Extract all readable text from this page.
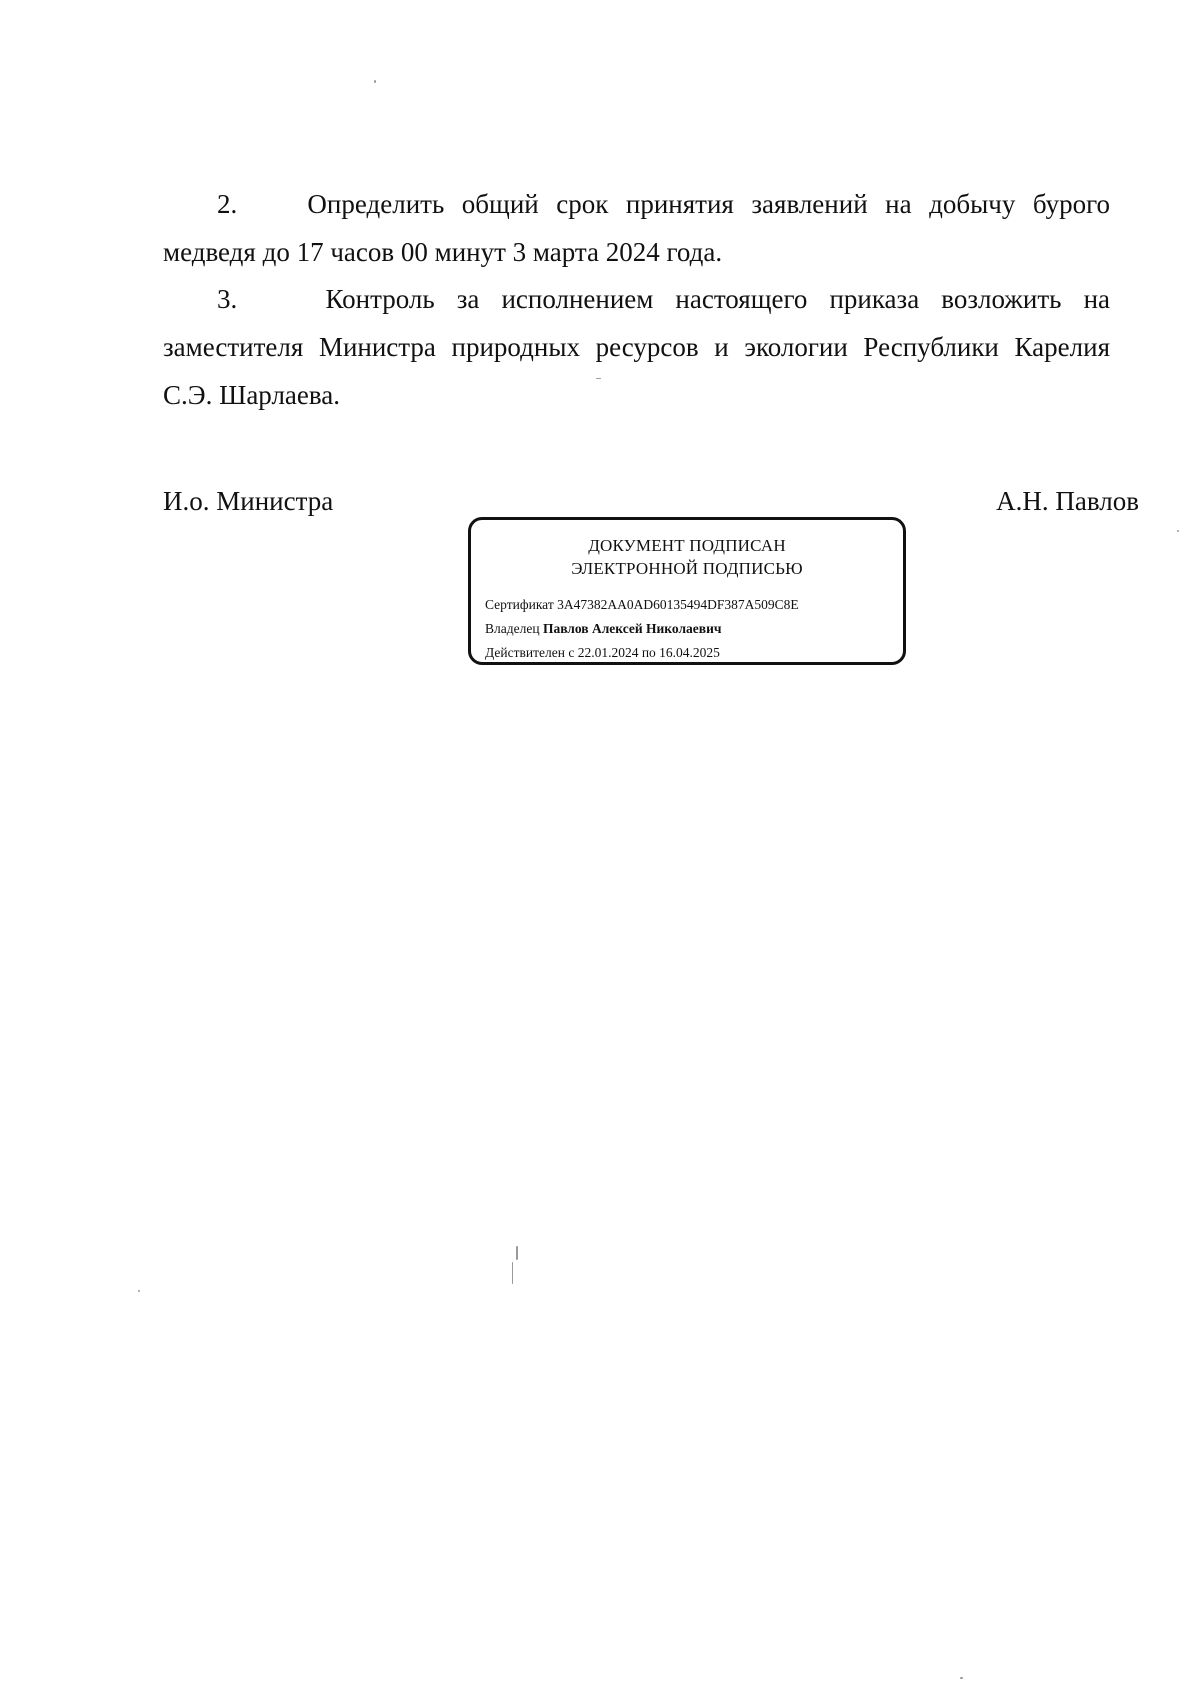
2.	Определить общий срок принятия заявлений на добычу бурого
медведя до 17 часов 00 минут 3 марта 2024 года.
3.	Контроль за исполнением настоящего приказа возложить на
заместителя Министра природных ресурсов и экологии Республики Карелия
С.Э. Шарлаева.
И.о. Министра	А.Н. Павлов
ДОКУМЕНТ ПОДПИСАН
ЭЛЕКТРОННОЙ ПОДПИСЬЮ
Сертификат 3A47382AA0AD60135494DF387A509C8E
Владелец Павлов Алексей Николаевич
Действителен с 22.01.2024 по 16.04.2025
